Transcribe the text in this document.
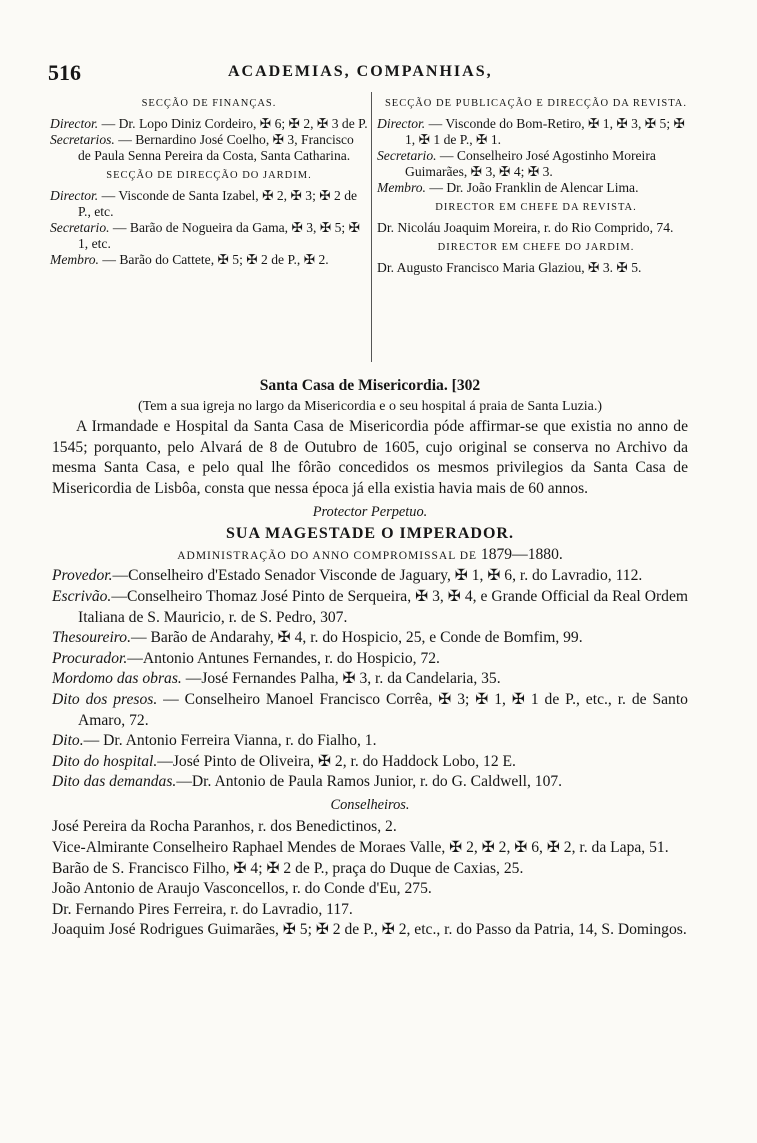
516	ACADEMIAS, COMPANHIAS,
SECÇÃO DE FINANÇAS.
Director. — Dr. Lopo Diniz Cordeiro, ✠ 6; ✠ 2, ✠ 3 de P.
Secretarios. — Bernardino José Coelho, ✠ 3, Francisco de Paula Senna Pereira da Costa, Santa Catharina.
SECÇÃO DE DIRECÇÃO DO JARDIM.
Director. — Visconde de Santa Izabel, ✠ 2, ✠ 3; ✠ 2 de P., etc.
Secretario. — Barão de Nogueira da Gama, ✠ 3, ✠ 5; ✠ 1, etc.
Membro. — Barão do Cattete, ✠ 5; ✠ 2 de P., ✠ 2.
SECÇÃO DE PUBLICAÇÃO E DIRECÇÃO DA REVISTA.
Director. — Visconde do Bom-Retiro, ✠ 1, ✠ 3, ✠ 5; ✠ 1, ✠ 1 de P., ✠ 1.
Secretario. — Conselheiro José Agostinho Moreira Guimarães, ✠ 3, ✠ 4; ✠ 3.
Membro. — Dr. João Franklin de Alencar Lima.
DIRECTOR EM CHEFE DA REVISTA.
Dr. Nicoláu Joaquim Moreira, r. do Rio Comprido, 74.
DIRECTOR EM CHEFE DO JARDIM.
Dr. Augusto Francisco Maria Glaziou, ✠ 3. ✠ 5.

Santa Casa de Misericordia. [302

(Tem a sua igreja no largo da Misericordia e o seu hospital á praia de Santa Luzia.)

A Irmandade e Hospital da Santa Casa de Misericordia póde affirmar-se que existia no anno de 1545; porquanto, pelo Alvará de 8 de Outubro de 1605, cujo original se conserva no Archivo da mesma Santa Casa, e pelo qual lhe fôrão concedidos os mesmos privilegios da Santa Casa de Misericordia de Lisbôa, consta que nessa época já ella existia havia mais de 60 annos.

Protector Perpetuo.

SUA MAGESTADE O IMPERADOR.

ADMINISTRAÇÃO DO ANNO COMPROMISSAL DE 1879—1880.

Provedor.—Conselheiro d'Estado Senador Visconde de Jaguary, ✠ 1, ✠ 6, r. do Lavradio, 112.

Escrivão.—Conselheiro Thomaz José Pinto de Serqueira, ✠ 3, ✠ 4, e Grande Official da Real Ordem Italiana de S. Mauricio, r. de S. Pedro, 307.

Thesoureiro.— Barão de Andarahy, ✠ 4, r. do Hospicio, 25, e Conde de Bomfim, 99.

Procurador.—Antonio Antunes Fernandes, r. do Hospicio, 72.

Mordomo das obras. —José Fernandes Palha, ✠ 3, r. da Candelaria, 35.

Dito dos presos. — Conselheiro Manoel Francisco Corrêa, ✠ 3; ✠ 1, ✠ 1 de P., etc., r. de Santo Amaro, 72.

Dito.— Dr. Antonio Ferreira Vianna, r. do Fialho, 1.

Dito do hospital.—José Pinto de Oliveira, ✠ 2, r. do Haddock Lobo, 12 E.

Dito das demandas.—Dr. Antonio de Paula Ramos Junior, r. do G. Caldwell, 107.

Conselheiros.

José Pereira da Rocha Paranhos, r. dos Benedictinos, 2.

Vice-Almirante Conselheiro Raphael Mendes de Moraes Valle, ✠ 2, ✠ 2, ✠ 6, ✠ 2, r. da Lapa, 51.

Barão de S. Francisco Filho, ✠ 4; ✠ 2 de P., praça do Duque de Caxias, 25.

João Antonio de Araujo Vasconcellos, r. do Conde d'Eu, 275.

Dr. Fernando Pires Ferreira, r. do Lavradio, 117.

Joaquim José Rodrigues Guimarães, ✠ 5; ✠ 2 de P., ✠ 2, etc., r. do Passo da Patria, 14, S. Domingos.
